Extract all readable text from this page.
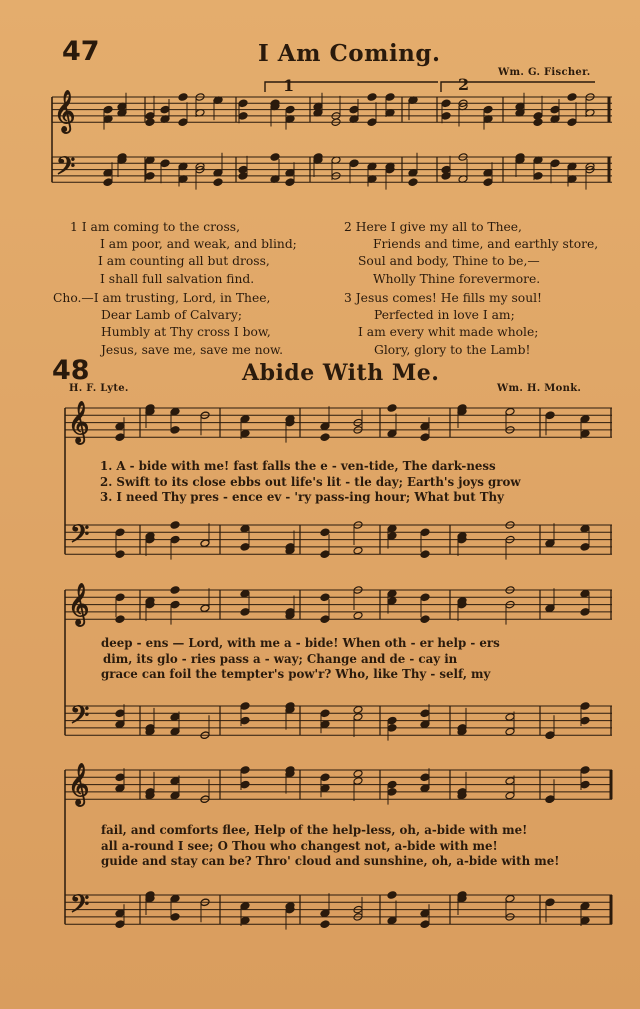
47	I Am Coming.
Wm. G. Fischer.
1	2
1 I am coming to the cross,
I am poor, and weak, and blind;
I am counting all but dross,
I shall full salvation find.
Cho.—I am trusting, Lord, in Thee,
Dear Lamb of Calvary;
Humbly at Thy cross I bow,
Jesus, save me, save me now.
2 Here I give my all to Thee,
Friends and time, and earthly store,
Soul and body, Thine to be,—
Wholly Thine forevermore.
3 Jesus comes! He fills my soul!
Perfected in love I am;
I am every whit made whole;
Glory, glory to the Lamb!
48	Abide With Me.
H. F. Lyte.	Wm. H. Monk.
1. A - bide with me! fast falls the e - ven-tide, The dark-ness
2. Swift to its close ebbs out life's lit - tle day; Earth's joys grow
3. I need Thy pres - ence ev - 'ry pass-ing hour; What but Thy
deep - ens — Lord, with me a - bide! When oth - er help - ers
dim, its glo - ries pass a - way; Change and de - cay in
grace can foil the tempter's pow'r? Who, like Thy - self, my
fail, and comforts flee, Help of the help-less, oh, a-bide with me!
all a-round I see; O Thou who changest not, a-bide with me!
guide and stay can be? Thro' cloud and sunshine, oh, a-bide with me!
𝄞
𝄢
𝄞
𝄢
𝄞
𝄢
𝄞
𝄢
